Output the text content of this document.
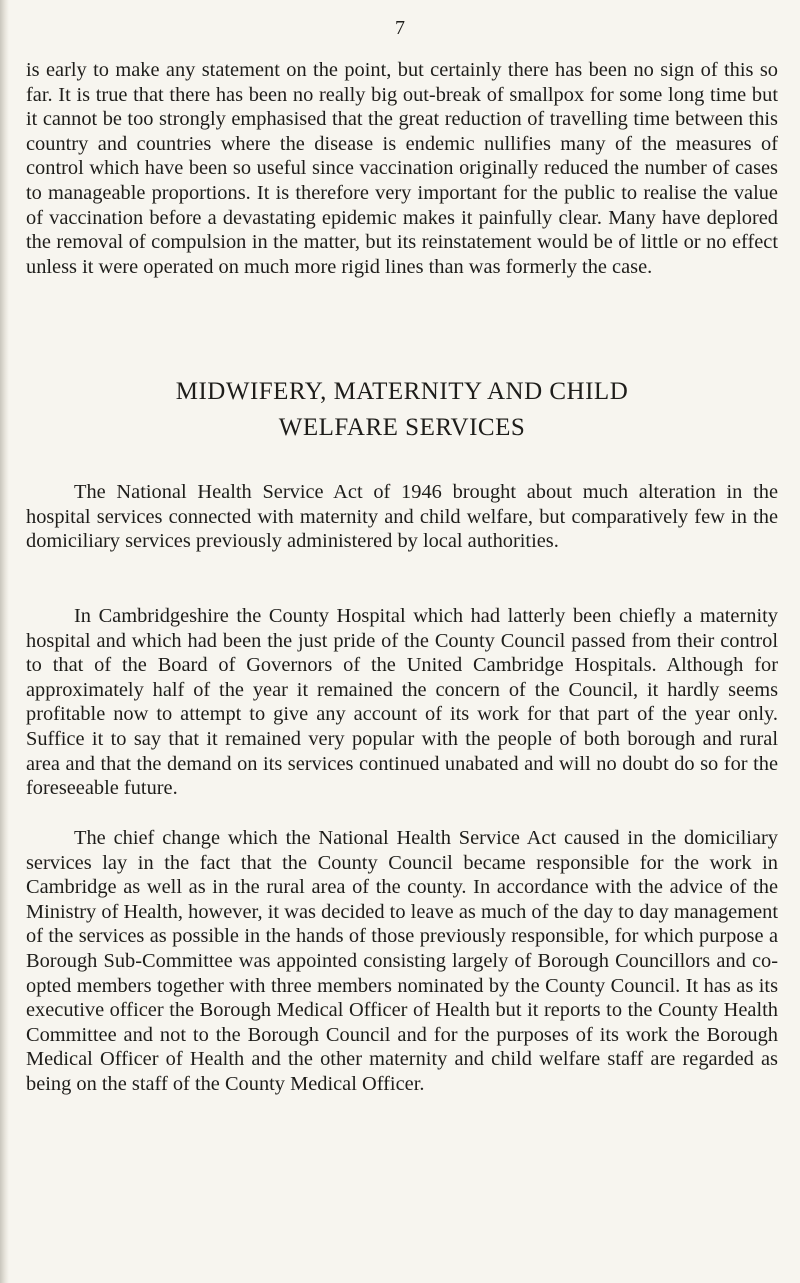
7

is early to make any statement on the point, but certainly there has been no sign of this so far. It is true that there has been no really big out-break of smallpox for some long time but it cannot be too strongly emphasised that the great reduction of travelling time between this country and countries where the disease is endemic nullifies many of the measures of control which have been so useful since vaccination originally reduced the number of cases to manageable proportions. It is therefore very important for the public to realise the value of vaccination before a devastating epidemic makes it painfully clear. Many have deplored the removal of compulsion in the matter, but its reinstatement would be of little or no effect unless it were operated on much more rigid lines than was formerly the case.

MIDWIFERY, MATERNITY AND CHILD
WELFARE SERVICES

The National Health Service Act of 1946 brought about much alteration in the hospital services connected with maternity and child welfare, but comparatively few in the domiciliary services previously administered by local authorities.

In Cambridgeshire the County Hospital which had latterly been chiefly a maternity hospital and which had been the just pride of the County Council passed from their control to that of the Board of Governors of the United Cambridge Hospitals. Although for approximately half of the year it remained the concern of the Council, it hardly seems profitable now to attempt to give any account of its work for that part of the year only. Suffice it to say that it remained very popular with the people of both borough and rural area and that the demand on its services continued unabated and will no doubt do so for the foreseeable future.

The chief change which the National Health Service Act caused in the domiciliary services lay in the fact that the County Council became responsible for the work in Cambridge as well as in the rural area of the county. In accordance with the advice of the Ministry of Health, however, it was decided to leave as much of the day to day management of the services as possible in the hands of those previously responsible, for which purpose a Borough Sub-Committee was appointed consisting largely of Borough Councillors and co-opted members together with three members nominated by the County Council. It has as its executive officer the Borough Medical Officer of Health but it reports to the County Health Committee and not to the Borough Council and for the purposes of its work the Borough Medical Officer of Health and the other maternity and child welfare staff are regarded as being on the staff of the County Medical Officer.
